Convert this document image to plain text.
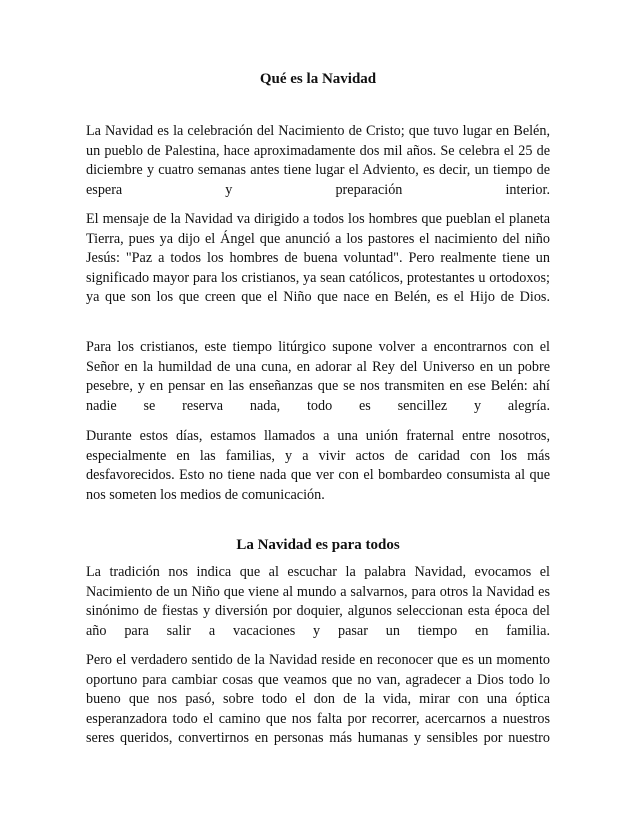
Qué es la Navidad

La Navidad es la celebración del Nacimiento de Cristo; que tuvo lugar en Belén, un pueblo de Palestina, hace aproximadamente dos mil años. Se celebra el 25 de diciembre y cuatro semanas antes tiene lugar el Adviento, es decir, un tiempo de espera y preparación interior.

El mensaje de la Navidad va dirigido a todos los hombres que pueblan el planeta Tierra, pues ya dijo el Ángel que anunció a los pastores el nacimiento del niño Jesús: "Paz a todos los hombres de buena voluntad". Pero realmente tiene un significado mayor para los cristianos, ya sean católicos, protestantes u ortodoxos; ya que son los que creen que el Niño que nace en Belén, es el Hijo de Dios.

Para los cristianos, este tiempo litúrgico supone volver a encontrarnos con el Señor en la humildad de una cuna, en adorar al Rey del Universo en un pobre pesebre, y en pensar en las enseñanzas que se nos transmiten en ese Belén: ahí nadie se reserva nada, todo es sencillez y alegría.

Durante estos días, estamos llamados a una unión fraternal entre nosotros, especialmente en las familias, y a vivir actos de caridad con los más desfavorecidos. Esto no tiene nada que ver con el bombardeo consumista al que nos someten los medios de comunicación.

La Navidad es para todos

La tradición nos indica que al escuchar la palabra Navidad, evocamos el Nacimiento de un Niño que viene al mundo a salvarnos, para otros la Navidad es sinónimo de fiestas y diversión por doquier, algunos seleccionan esta época del año para salir a vacaciones y pasar un tiempo en familia.

Pero el verdadero sentido de la Navidad reside en reconocer que es un momento oportuno para cambiar cosas que veamos que no van, agradecer a Dios todo lo bueno que nos pasó, sobre todo el don de la vida, mirar con una óptica esperanzadora todo el camino que nos falta por recorrer, acercarnos a nuestros seres queridos, convertirnos en personas más humanas y sensibles por nuestro
